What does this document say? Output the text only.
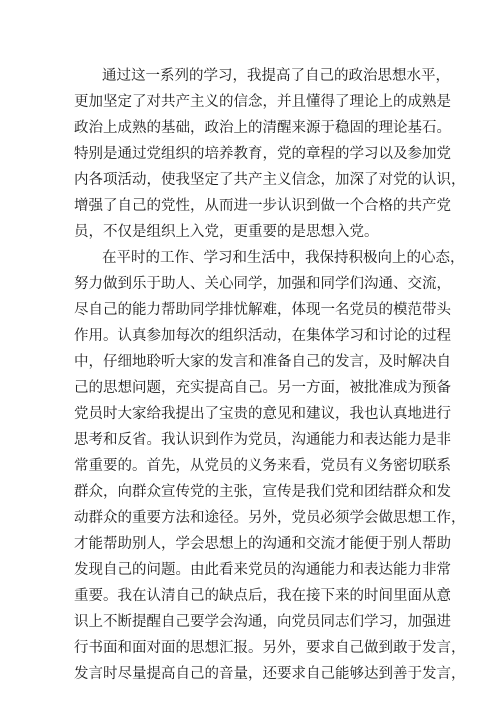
通过这一系列的学习，我提高了自己的政治思想水平，
更加坚定了对共产主义的信念，并且懂得了理论上的成熟是
政治上成熟的基础，政治上的清醒来源于稳固的理论基石。
特别是通过党组织的培养教育，党的章程的学习以及参加党
内各项活动，使我坚定了共产主义信念，加深了对党的认识，
增强了自己的党性，从而进一步认识到做一个合格的共产党
员，不仅是组织上入党，更重要的是思想入党。
在平时的工作、学习和生活中，我保持积极向上的心态，
努力做到乐于助人、关心同学，加强和同学们沟通、交流，
尽自己的能力帮助同学排忧解难，体现一名党员的模范带头
作用。认真参加每次的组织活动，在集体学习和讨论的过程
中，仔细地聆听大家的发言和准备自己的发言，及时解决自
己的思想问题，充实提高自己。另一方面，被批准成为预备
党员时大家给我提出了宝贵的意见和建议，我也认真地进行
思考和反省。我认识到作为党员，沟通能力和表达能力是非
常重要的。首先，从党员的义务来看，党员有义务密切联系
群众，向群众宣传党的主张，宣传是我们党和团结群众和发
动群众的重要方法和途径。另外，党员必须学会做思想工作，
才能帮助别人，学会思想上的沟通和交流才能便于别人帮助
发现自己的问题。由此看来党员的沟通能力和表达能力非常
重要。我在认清自己的缺点后，我在接下来的时间里面从意
识上不断提醒自己要学会沟通，向党员同志们学习，加强进
行书面和面对面的思想汇报。另外，要求自己做到敢于发言，
发言时尽量提高自己的音量，还要求自己能够达到善于发言，
